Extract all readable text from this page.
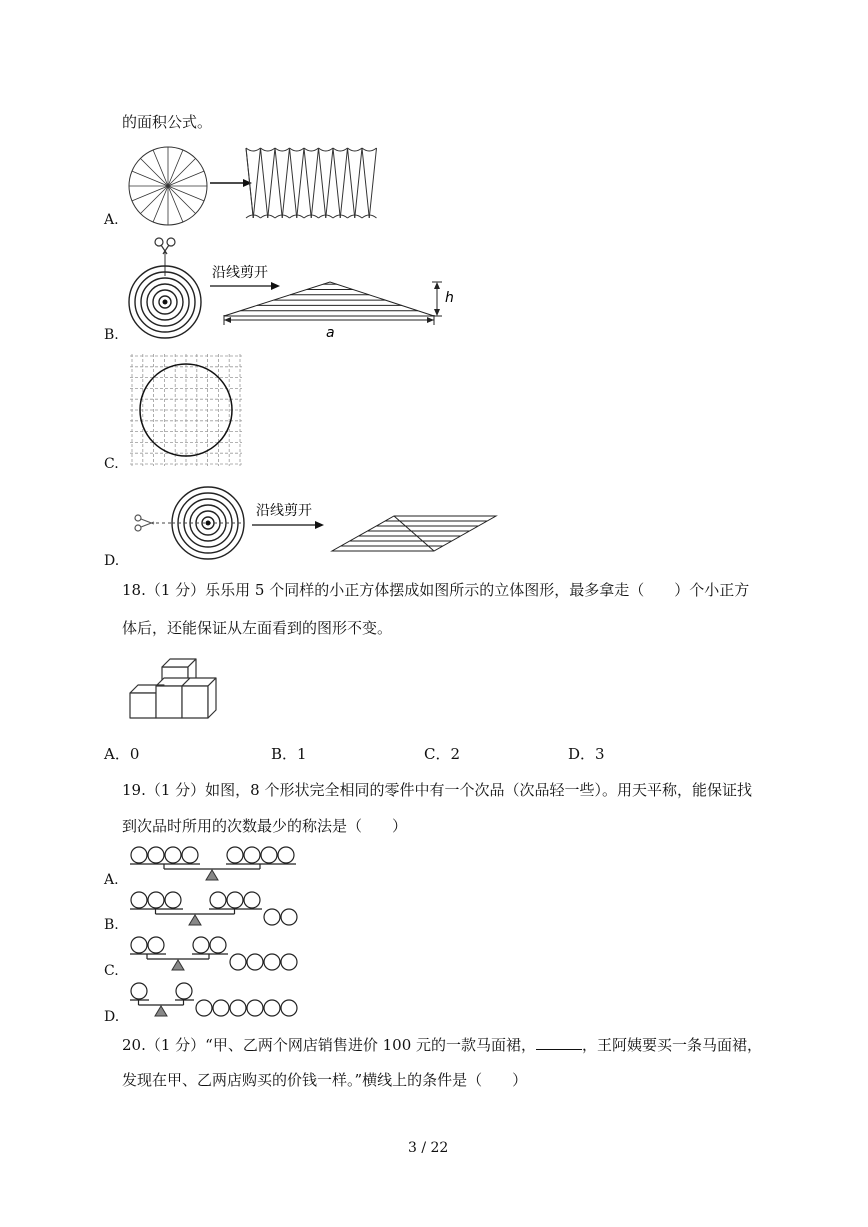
的面积公式。
A.
B.
沿线剪开
h
a
C.
D.
沿线剪开
18.（1 分）乐乐用 5 个同样的小正方体摆成如图所示的立体图形，最多拿走（　　）个小正方
体后，还能保证从左面看到的图形不变。
A．0	B．1	C．2	D．3
19.（1 分）如图，8 个形状完全相同的零件中有一个次品（次品轻一些）。用天平称，能保证找
到次品时所用的次数最少的称法是（　　）
A.
B.
C.
D.
20.（1 分）“甲、乙两个网店销售进价 100 元的一款马面裙，	，王阿姨要买一条马面裙，
发现在甲、乙两店购买的价钱一样。”横线上的条件是（　　）
3 / 22
